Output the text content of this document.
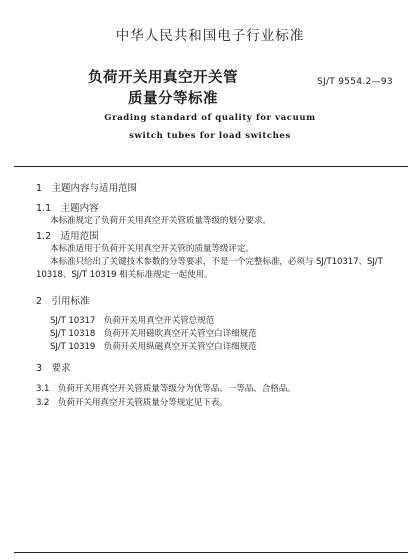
中华人民共和国电子行业标准
负荷开关用真空开关管
质量分等标准
SJ/T 9554.2—93
Grading standard of quality for vacuum
switch tubes for load switches
1　主题内容与适用范围
1.1　主题内容
本标准规定了负荷开关用真空开关管质量等级的划分要求。
1.2　适用范围
本标准适用于负荷开关用真空开关管的质量等级评定。
本标准只给出了关键技术参数的分等要求，不是一个完整标准，必须与 SJ/T10317、SJ/T
10318、SJ/T 10319 相关标准规定一起使用。
2　引用标准
SJ/T 10317　负荷开关用真空开关管总规范
SJ/T 10318　负荷开关用磁吹真空开关管空白详细规范
SJ/T 10319　负荷开关用纵磁真空开关管空白详细规范
3　要求
3.1　负荷开关用真空开关管质量等级分为优等品、一等品、合格品。
3.2　负荷开关用真空开关管质量分等规定见下表。
